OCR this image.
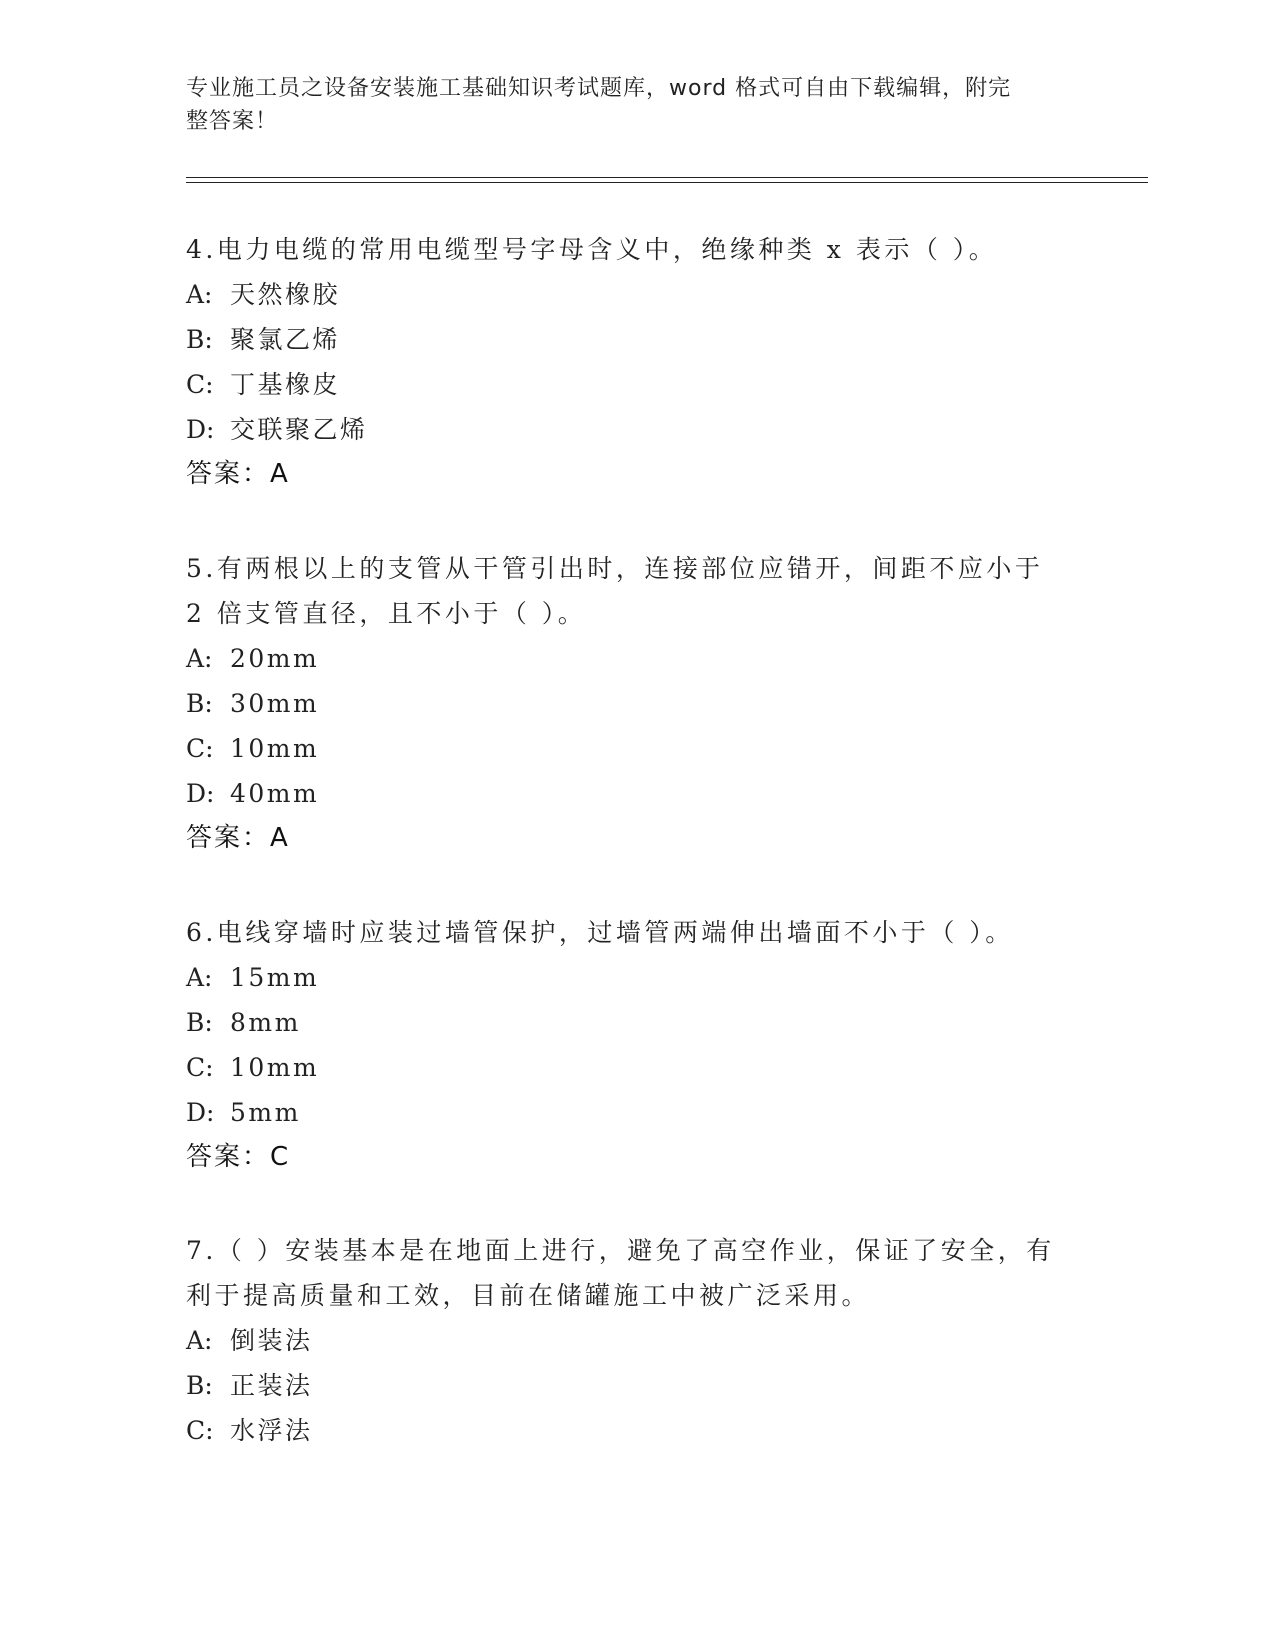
专业施工员之设备安装施工基础知识考试题库，word 格式可自由下载编辑，附完
整答案！

4.电力电缆的常用电缆型号字母含义中，绝缘种类 x 表示（ ）。

A: 天然橡胶

B: 聚氯乙烯

C: 丁基橡皮

D: 交联聚乙烯

答案：A

5.有两根以上的支管从干管引出时，连接部位应错开，间距不应小于

2 倍支管直径，且不小于（ ）。

A: 20mm

B: 30mm

C: 10mm

D: 40mm

答案：A

6.电线穿墙时应装过墙管保护，过墙管两端伸出墙面不小于（ ）。

A: 15mm

B: 8mm

C: 10mm

D: 5mm

答案：C

7.（ ）安装基本是在地面上进行，避免了高空作业，保证了安全，有

利于提高质量和工效，目前在储罐施工中被广泛采用。

A: 倒装法

B: 正装法

C: 水浮法
